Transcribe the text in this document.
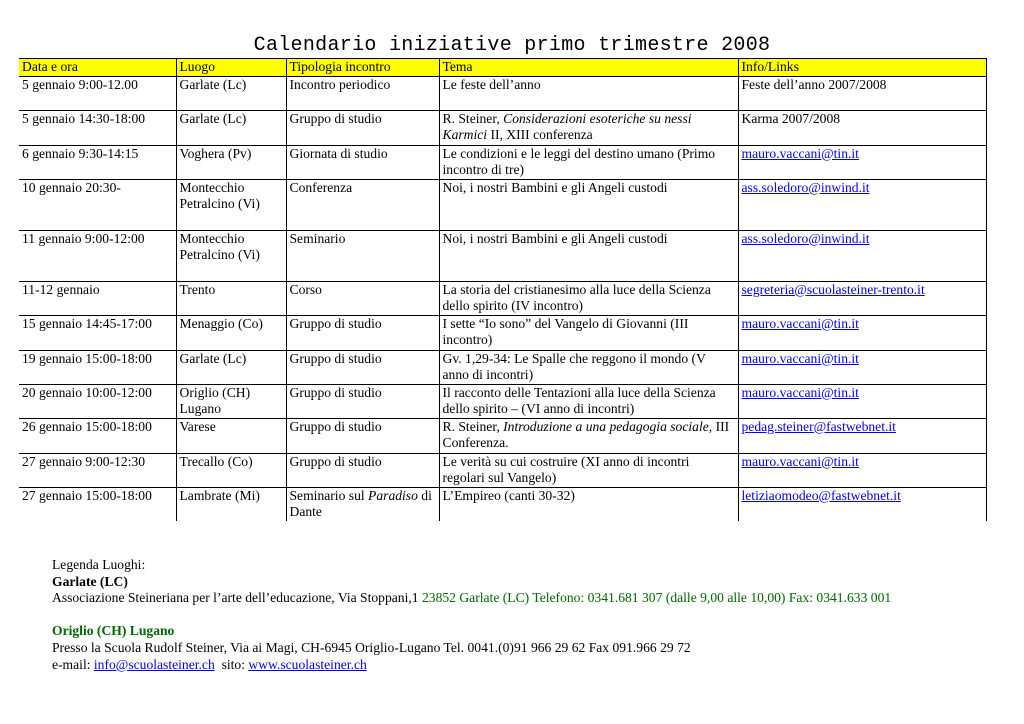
Calendario iniziative primo trimestre 2008
Data e ora	Luogo	Tipologia incontro	Tema	Info/Links
5 gennaio 9:00-12.00	Garlate (Lc)	Incontro periodico	Le feste dell’anno	Feste dell’anno 2007/2008
5 gennaio 14:30-18:00	Garlate (Lc)	Gruppo di studio	R. Steiner, Considerazioni esoteriche su nessi Karmici II, XIII conferenza	Karma 2007/2008
6 gennaio 9:30-14:15	Voghera (Pv)	Giornata di studio	Le condizioni e le leggi del destino umano (Primo incontro di tre)	mauro.vaccani@tin.it
10 gennaio 20:30-	Montecchio Petralcino (Vi)	Conferenza	Noi, i nostri Bambini e gli Angeli custodi	ass.soledoro@inwind.it
11 gennaio 9:00-12:00	Montecchio Petralcino (Vi)	Seminario	Noi, i nostri Bambini e gli Angeli custodi	ass.soledoro@inwind.it
11-12 gennaio	Trento	Corso	La storia del cristianesimo alla luce della Scienza dello spirito (IV incontro)	segreteria@scuolasteiner-trento.it
15 gennaio 14:45-17:00	Menaggio (Co)	Gruppo di studio	I sette “Io sono” del Vangelo di Giovanni (III incontro)	mauro.vaccani@tin.it
19 gennaio 15:00-18:00	Garlate (Lc)	Gruppo di studio	Gv. 1,29-34: Le Spalle che reggono il mondo (V anno di incontri)	mauro.vaccani@tin.it
20 gennaio 10:00-12:00	Origlio (CH) Lugano	Gruppo di studio	Il racconto delle Tentazioni alla luce della Scienza dello spirito – (VI anno di incontri)	mauro.vaccani@tin.it
26 gennaio 15:00-18:00	Varese	Gruppo di studio	R. Steiner, Introduzione a una pedagogia sociale, III Conferenza.	pedag.steiner@fastwebnet.it
27 gennaio 9:00-12:30	Trecallo (Co)	Gruppo di studio	Le verità su cui costruire (XI anno di incontri regolari sul Vangelo)	mauro.vaccani@tin.it
27 gennaio 15:00-18:00	Lambrate (Mi)	Seminario sul Paradiso di Dante	L’Empireo (canti 30-32)	letiziaomodeo@fastwebnet.it

Legenda Luoghi:

Garlate (LC)

Associazione Steineriana per l’arte dell’educazione, Via Stoppani,1 23852 Garlate (LC) Telefono: 0341.681 307 (dalle 9,00 alle 10,00) Fax: 0341.633 001

Origlio (CH) Lugano

Presso la Scuola Rudolf Steiner, Via ai Magi, CH-6945 Origlio-Lugano Tel. 0041.(0)91 966 29 62 Fax 091.966 29 72

e-mail: info@scuolasteiner.ch  sito: www.scuolasteiner.ch
